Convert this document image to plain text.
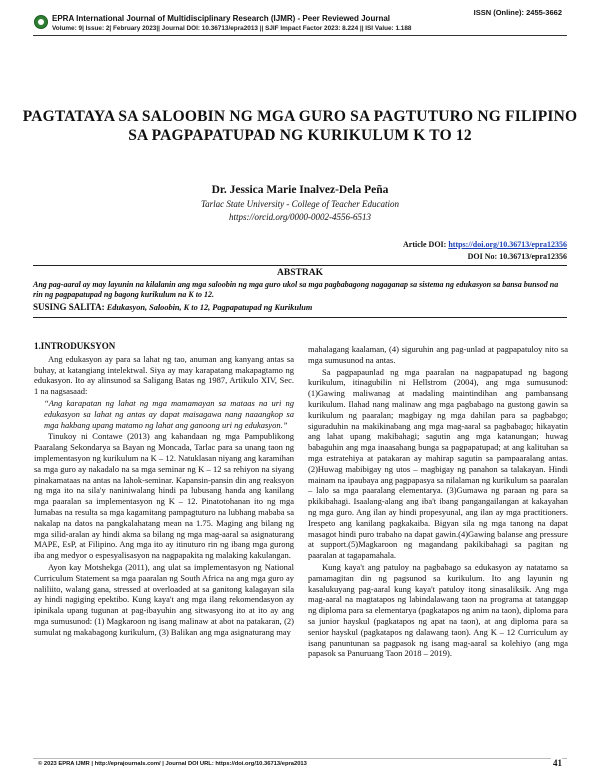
ISSN (Online): 2455-3662
EPRA International Journal of Multidisciplinary Research (IJMR) - Peer Reviewed Journal
Volume: 9| Issue: 2| February 2023|| Journal DOI: 10.36713/epra2013 || SJIF Impact Factor 2023: 8.224 || ISI Value: 1.188
PAGTATAYA SA SALOOBIN NG MGA GURO SA PAGTUTURO NG FILIPINO SA PAGPAPATUPAD NG KURIKULUM K TO 12
Dr. Jessica Marie Inalvez-Dela Peña
Tarlac State University - College of Teacher Education
https://orcid.org/0000-0002-4556-6513
Article DOI: https://doi.org/10.36713/epra12356
DOI No: 10.36713/epra12356
ABSTRAK
Ang pag-aaral ay may layunin na kilalanin ang mga saloobin ng mga guro ukol sa mga pagbabagong nagaganap sa sistema ng edukasyon sa bansa bunsod na rin ng pagpapatupad ng bagong kurikulum na K to 12.
SUSING SALITA: Edukasyon, Saloobin, K to 12, Pagpapatupad ng Kurikulum
1.INTRODUKSYON
Ang edukasyon ay para sa lahat ng tao, anuman ang kanyang antas sa buhay, at katangiang intelektwal. Siya ay may karapatang makapagtamo ng edukasyon. Ito ay alinsunod sa Saligang Batas ng 1987, Artikulo XIV, Sec. 1 na nagsasaad:
“Ang karapatan ng lahat ng mga mamamayan sa mataas na uri ng edukasyon sa lahat ng antas ay dapat maisagawa nang naaangkop sa mga hakbang upang matamo ng lahat ang ganoong uri ng edukasyon.”
Tinukoy ni Contawe (2013) ang kahandaan ng mga Pampublikong Paaralang Sekondarya sa Bayan ng Moncada, Tarlac para sa unang taon ng implementasyon ng kurikulum na K – 12. Natuklasan niyang ang karamihan sa mga guro ay nakadalo na sa mga seminar ng K – 12 sa rehiyon na siyang pinakamataas na antas na lahok-seminar. Kapansin-pansin din ang reaksyon ng mga ito na sila'y naniniwalang hindi pa lubusang handa ang kanilang mga paaralan sa implementasyon ng K – 12. Pinatotohanan ito ng mga lumabas na resulta sa mga kagamitang pampagtuturo na lubhang mababa sa nakalap na datos na pangkalahatang mean na 1.75. Maging ang bilang ng mga silid-aralan ay hindi akma sa bilang ng mga mag-aaral sa asignaturang MAPE, EsP, at Filipino. Ang mga ito ay itinuturo rin ng ibang mga gurong iba ang medyor o espesyalisasyon na nagpapakita ng malaking kakulangan.
Ayon kay Motshekga (2011), ang ulat sa implementasyon ng National Curriculum Statement sa mga paaralan ng South Africa na ang mga guro ay naliliito, walang gana, stressed at overloaded at sa ganitong kalagayan sila ay hindi nagiging epektibo. Kung kaya't ang mga ilang rekomendasyon ay ipinikala upang tugunan at pag-ibayuhin ang sitwasyong ito at ito ay ang mga sumusunod: (1) Magkaroon ng isang malinaw at abot na patakaran, (2) sumulat ng makabagong kurikulum, (3) Balikan ang mga asignaturang may
mahalagang kaalaman, (4) siguruhin ang pag-unlad at pagpapatuloy nito sa mga sumusunod na antas.
Sa pagpapaunlad ng mga paaralan na nagpapatupad ng bagong kurikulum, itinagubilin ni Hellstrom (2004), ang mga sumusunod: (1)Gawing maliwanag at madaling maintindihan ang pambansang kurikulum. Ilahad nang malinaw ang mga pagbabago na gustong gawin sa kurikulum ng paaralan; magbigay ng mga dahilan para sa pagbabgo; siguraduhin na makikinabang ang mga mag-aaral sa pagbabago; hikayatin ang lahat upang makibahagi; sagutin ang mga katanungan; huwag babaguhin ang mga inaasahang bunga sa pagpapatupad; at ang kalituhan sa mga estratehiya at patakaran ay mahirap sagutin sa pampaaralang antas. (2)Huwag mabibigay ng utos – magbigay ng panahon sa talakayan. Hindi mainam na ipaubaya ang pagpapasya sa nilalaman ng kurikulum sa paaralan – lalo sa mga paaralang elementarya. (3)Gumawa ng paraan ng para sa pkikibahagi. Isaalang-alang ang iba't ibang pangangailangan at kakayahan ng mga guro. Ang ilan ay hindi propesyunal, ang ilan ay mga practitioners. Irespeto ang kanilang pagkakaiba. Bigyan sila ng mga tanong na dapat masagot hindi puro trabaho na dapat gawin.(4)Gawing balanse ang pressure at support.(5)Magkaroon ng magandang pakikibahagi sa pagitan ng paaralan at tagapamahala.
Kung kaya't ang patuloy na pagbabago sa edukasyon ay natatamo sa pamamagitan din ng pagsunod sa kurikulum. Ito ang layunin ng kasalukuyang pag-aaral kung kaya't patuloy itong sinasaliksik. Ang mga mag-aaral na magtatapos ng labindalawang taon na programa at tatanggap ng diploma para sa elementarya (pagkatapos ng anim na taon), diploma para sa junior hayskul (pagkatapos ng apat na taon), at ang diploma para sa senior hayskul (pagkatapos ng dalawang taon). Ang K – 12 Curriculum ay isang panuntunan sa pagpasok ng isang mag-aaral sa kolehiyo (ang mga papasok sa Panuruang Taon 2018 – 2019).
© 2023 EPRA IJMR | http://eprajournals.com/ | Journal DOI URL: https://doi.org/10.36713/epra2013	41
